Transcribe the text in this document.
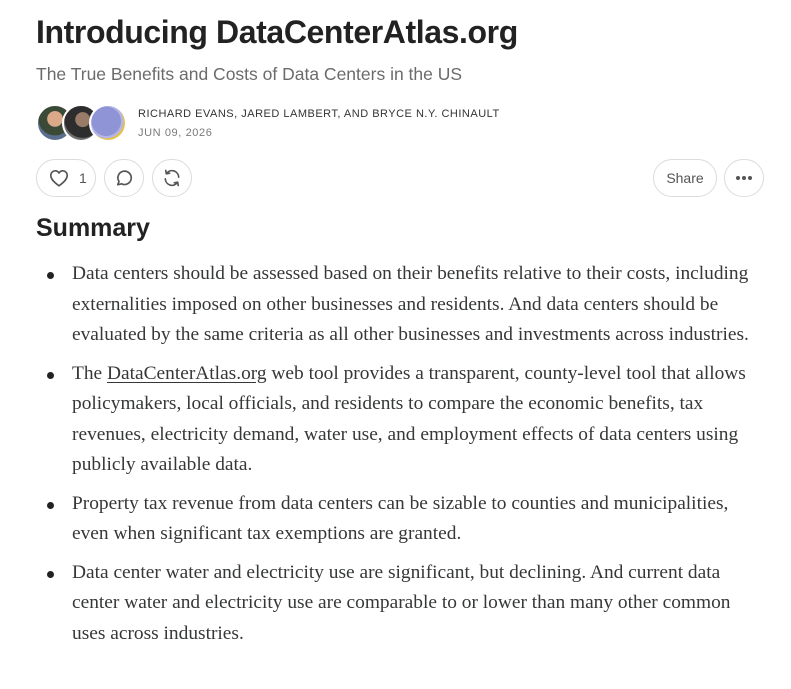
Introducing DataCenterAtlas.org

The True Benefits and Costs of Data Centers in the US

RICHARD EVANS, JARED LAMBERT, AND BRYCE N.Y. CHINAULT

JUN 09, 2026

1	Share
Summary
Data centers should be assessed based on their benefits relative to their costs, including externalities imposed on other businesses and residents. And data centers should be evaluated by the same criteria as all other businesses and investments across industries.
The DataCenterAtlas.org web tool provides a transparent, county-level tool that allows policymakers, local officials, and residents to compare the economic benefits, tax revenues, electricity demand, water use, and employment effects of data centers using publicly available data.
Property tax revenue from data centers can be sizable to counties and municipalities, even when significant tax exemptions are granted.
Data center water and electricity use are significant, but declining. And current data center water and electricity use are comparable to or lower than many other common uses across industries.
